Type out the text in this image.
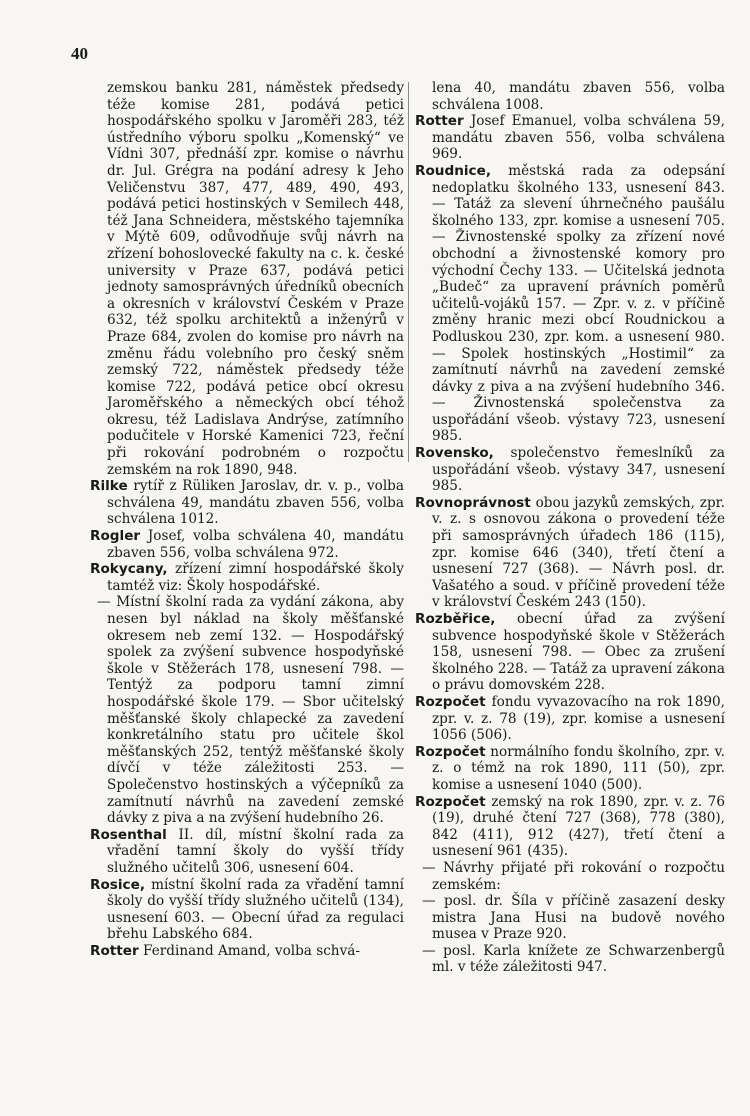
40

zemskou banku 281, náměstek předsedy téže komise 281, podává petici hospodářského spolku v Jaroměři 283, též ústředního výboru spolku „Komenský“ ve Vídni 307, přednáší zpr. komise o návrhu dr. Jul. Grégra na podání adresy k Jeho Veličenstvu 387, 477, 489, 490, 493, podává petici hostinských v Semilech 448, též Jana Schneidera, městského tajemníka v Mýtě 609, odůvodňuje svůj návrh na zřízení bohoslovecké fakulty na c. k. české university v Praze 637, podává petici jednoty samosprávných úředníků obecních a okresních v království Českém v Praze 632, též spolku architektů a inženýrů v Praze 684, zvolen do komise pro návrh na změnu řádu volebního pro český sněm zemský 722, náměstek předsedy téže komise 722, podává petice obcí okresu Jaroměřského a německých obcí téhož okresu, též Ladislava Andrýse, zatímního podučitele v Horské Kamenici 723, řeční při rokování podrobném o rozpočtu zemském na rok 1890, 948.

Rilke rytíř z Rüliken Jaroslav, dr. v. p., volba schválena 49, mandátu zbaven 556, volba schválena 1012.

Rogler Josef, volba schválena 40, mandátu zbaven 556, volba schválena 972.

Rokycany, zřízení zimní hospodářské školy tamtéž viz: Školy hospodářské.

— Místní školní rada za vydání zákona, aby nesen byl náklad na školy měšťanské okresem neb zemí 132. — Hospodářský spolek za zvýšení subvence hospodyňské škole v Stěžerách 178, usnesení 798. — Tentýž za podporu tamní zimní hospodářské škole 179. — Sbor učitelský měšťanské školy chlapecké za zavedení konkretálního statu pro učitele škol měšťanských 252, tentýž měšťanské školy dívčí v téže záležitosti 253. — Společenstvo hostinských a výčepníků za zamítnutí návrhů na zavedení zemské dávky z piva a na zvýšení hudebního 26.

Rosenthal II. díl, místní školní rada za vřadění tamní školy do vyšší třídy služného učitelů 306, usnesení 604.

Rosice, místní školní rada za vřadění tamní školy do vyšší třídy služného učitelů (134), usnesení 603. — Obecní úřad za regulaci břehu Labského 684.

Rotter Ferdinand Amand, volba schvá-

lena 40, mandátu zbaven 556, volba schválena 1008.

Rotter Josef Emanuel, volba schválena 59, mandátu zbaven 556, volba schválena 969.

Roudnice, městská rada za odepsání nedoplatku školného 133, usnesení 843. — Tatáž za slevení úhrnečného paušálu školného 133, zpr. komise a usnesení 705. — Živnostenské spolky za zřízení nové obchodní a živnostenské komory pro východní Čechy 133. — Učitelská jednota „Budeč“ za upravení právních poměrů učitelů-vojáků 157. — Zpr. v. z. v příčině změny hranic mezi obcí Roudnickou a Podluskou 230, zpr. kom. a usnesení 980. — Spolek hostinských „Hostimil“ za zamítnutí návrhů na zavedení zemské dávky z piva a na zvýšení hudebního 346. — Živnostenská společenstva za uspořádání všeob. výstavy 723, usnesení 985.

Rovensko, společenstvo řemeslníků za uspořádání všeob. výstavy 347, usnesení 985.

Rovnoprávnost obou jazyků zemských, zpr. v. z. s osnovou zákona o provedení téže při samosprávných úřadech 186 (115), zpr. komise 646 (340), třetí čtení a usnesení 727 (368). — Návrh posl. dr. Vašatého a soud. v příčině provedení téže v království Českém 243 (150).

Rozběřice, obecní úřad za zvýšení subvence hospodyňské škole v Stěžerách 158, usnesení 798. — Obec za zrušení školného 228. — Tatáž za upravení zákona o právu domovském 228.

Rozpočet fondu vyvazovacího na rok 1890, zpr. v. z. 78 (19), zpr. komise a usnesení 1056 (506).

Rozpočet normálního fondu školního, zpr. v. z. o témž na rok 1890, 111 (50), zpr. komise a usnesení 1040 (500).

Rozpočet zemský na rok 1890, zpr. v. z. 76 (19), druhé čtení 727 (368), 778 (380), 842 (411), 912 (427), třetí čtení a usnesení 961 (435).

— Návrhy přijaté při rokování o rozpočtu zemském:

— posl. dr. Šíla v příčině zasazení desky mistra Jana Husi na budově nového musea v Praze 920.

— posl. Karla knížete ze Schwarzenbergů ml. v téže záležitosti 947.
